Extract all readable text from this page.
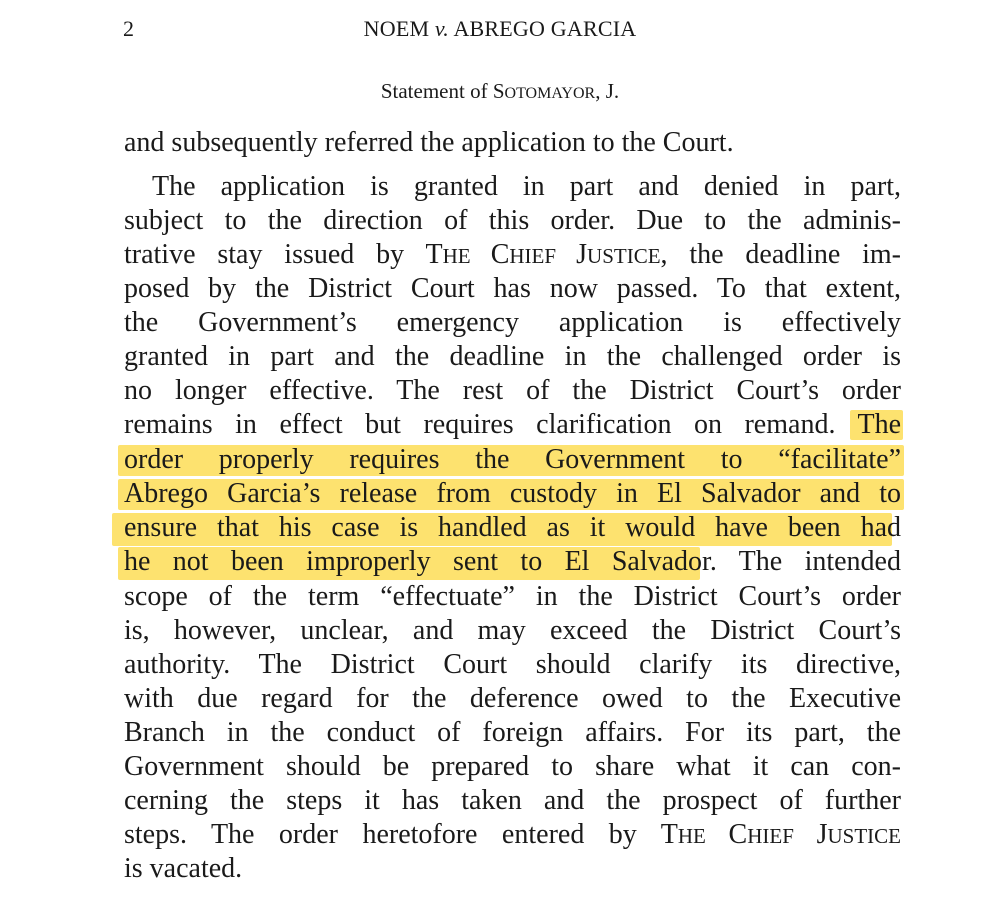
2	NOEM v. ABREGO GARCIA
Statement of SOTOMAYOR, J.
and subsequently referred the application to the Court.
The application is granted in part and denied in part,
subject to the direction of this order. Due to the adminis-
trative stay issued by THE CHIEF JUSTICE, the deadline im-
posed by the District Court has now passed. To that extent,
the Government’s emergency application is effectively
granted in part and the deadline in the challenged order is
no longer effective. The rest of the District Court’s order
remains in effect but requires clarification on remand. The
order properly requires the Government to “facilitate”
Abrego Garcia’s release from custody in El Salvador and to
ensure that his case is handled as it would have been had
he not been improperly sent to El Salvador. The intended
scope of the term “effectuate” in the District Court’s order
is, however, unclear, and may exceed the District Court’s
authority. The District Court should clarify its directive,
with due regard for the deference owed to the Executive
Branch in the conduct of foreign affairs. For its part, the
Government should be prepared to share what it can con-
cerning the steps it has taken and the prospect of further
steps. The order heretofore entered by THE CHIEF JUSTICE
is vacated.
